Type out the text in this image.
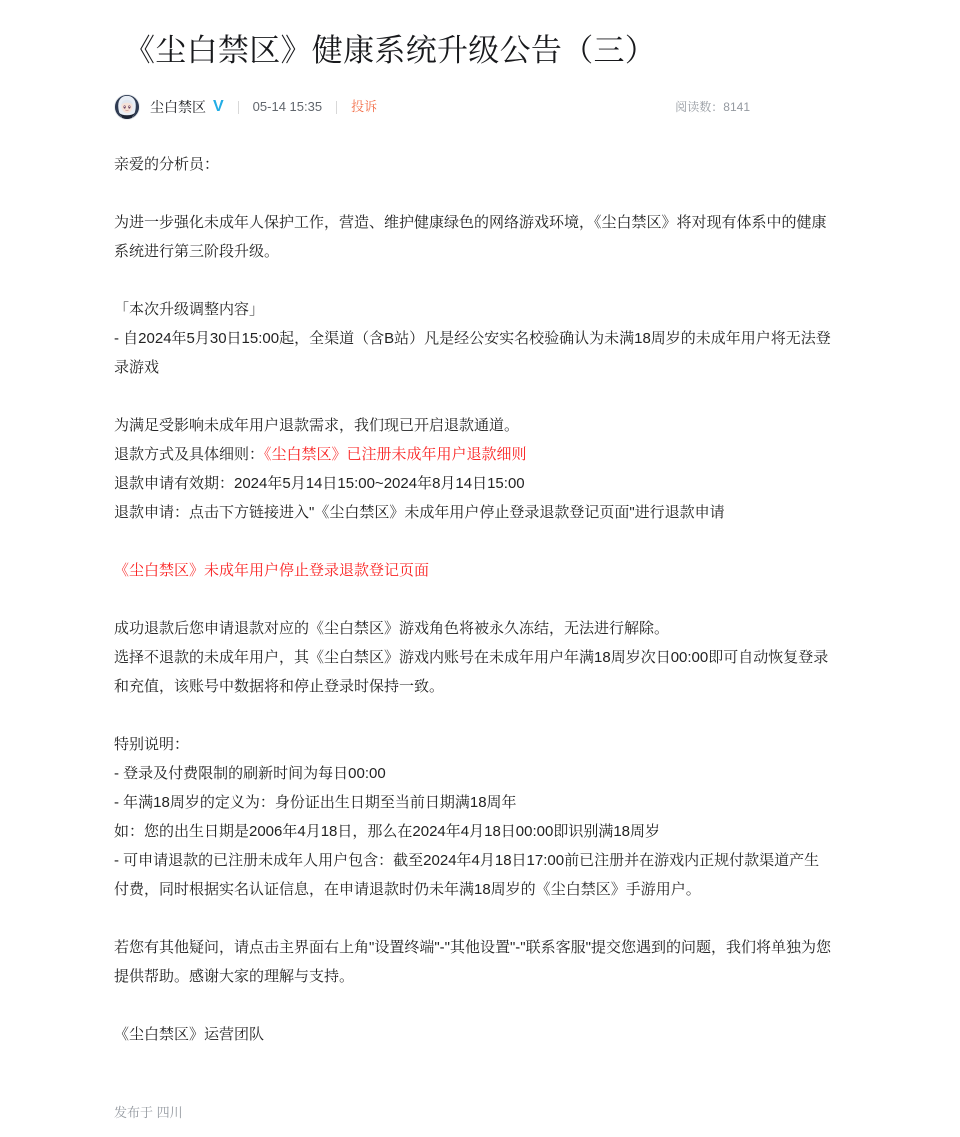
《尘白禁区》健康系统升级公告（三）
尘白禁区 V 05-14 15:35 投诉	阅读数：8141

亲爱的分析员：

为进一步强化未成年人保护工作，营造、维护健康绿色的网络游戏环境，《尘白禁区》将对现有体系中的健康系统进行第三阶段升级。

「本次升级调整内容」

- 自2024年5月30日15:00起，全渠道（含B站）凡是经公安实名校验确认为未满18周岁的未成年用户将无法登录游戏

为满足受影响未成年用户退款需求，我们现已开启退款通道。

退款方式及具体细则：《尘白禁区》已注册未成年用户退款细则

退款申请有效期：2024年5月14日15:00~2024年8月14日15:00

退款申请：点击下方链接进入"《尘白禁区》未成年用户停止登录退款登记页面"进行退款申请

《尘白禁区》未成年用户停止登录退款登记页面

成功退款后您申请退款对应的《尘白禁区》游戏角色将被永久冻结，无法进行解除。

选择不退款的未成年用户，其《尘白禁区》游戏内账号在未成年用户年满18周岁次日00:00即可自动恢复登录和充值，该账号中数据将和停止登录时保持一致。

特别说明：

- 登录及付费限制的刷新时间为每日00:00

- 年满18周岁的定义为：身份证出生日期至当前日期满18周年

如：您的出生日期是2006年4月18日，那么在2024年4月18日00:00即识别满18周岁

- 可申请退款的已注册未成年人用户包含：截至2024年4月18日17:00前已注册并在游戏内正规付款渠道产生付费，同时根据实名认证信息，在申请退款时仍未年满18周岁的《尘白禁区》手游用户。

若您有其他疑问，请点击主界面右上角"设置终端"-"其他设置"-"联系客服"提交您遇到的问题，我们将单独为您提供帮助。感谢大家的理解与支持。

《尘白禁区》运营团队

发布于 四川
